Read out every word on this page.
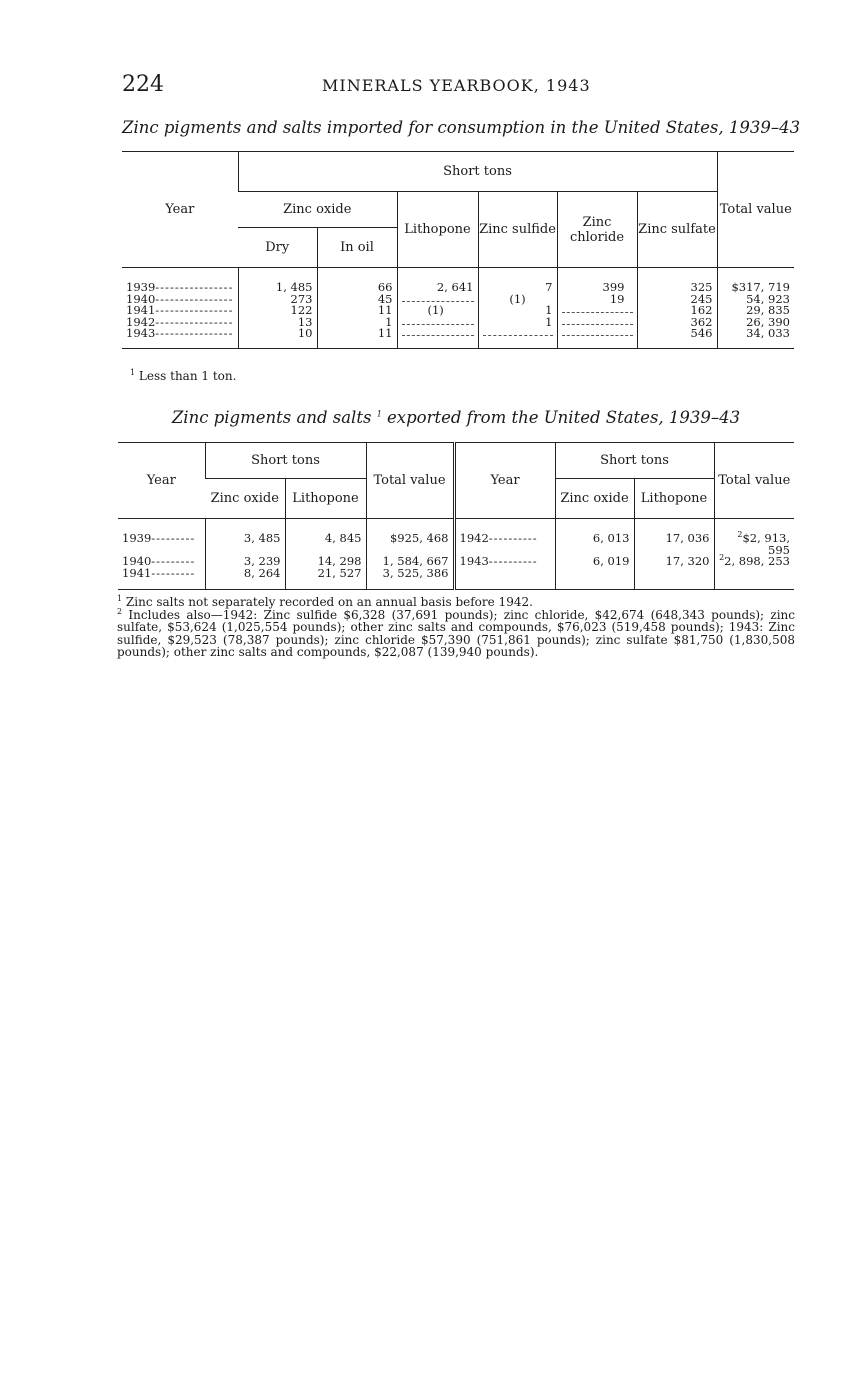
224	MINERALS YEARBOOK, 1943
Zinc pigments and salts imported for consumption in the United States, 1939–43
Year	Short tons						Total value
	Zinc oxide		Lithopone	Zinc sulfide	Zinc chloride	Zinc sulfate	
	Dry	In oil					
1939----------------	1, 485	66	2, 641	7	399	325	$317, 719
1940----------------	273	45		(1)	19	245	54, 923
1941----------------	122	11	(1)	1		162	29, 835
1942----------------	13	1		1		362	26, 390
1943----------------	10	11				546	34, 033
$^1$ Less than 1 ton.
Zinc pigments and salts $^1$ exported from the United States, 1939–43
Year	Short tons		Total value	Year	Short tons		Total value
	Zinc oxide	Lithopone			Zinc oxide	Lithopone	
1939---------	3, 485	4, 845	$925, 468	1942----------	6, 013	17, 036	$^2$\$2, 913, 595
1940---------	3, 239	14, 298	1, 584, 667	1943----------	6, 019	17, 320	$^2$2, 898, 253
1941---------	8, 264	21, 527	3, 525, 386				
$^1$ Zinc salts not separately recorded on an annual basis before 1942.
$^2$ Includes also—1942: Zinc sulfide $6,328 (37,691 pounds); zinc chloride, $42,674 (648,343 pounds); zinc sulfate, $53,624 (1,025,554 pounds); other zinc salts and compounds, $76,023 (519,458 pounds); 1943: Zinc sulfide, $29,523 (78,387 pounds); zinc chloride $57,390 (751,861 pounds); zinc sulfate $81,750 (1,830,508 pounds); other zinc salts and compounds, $22,087 (139,940 pounds).
